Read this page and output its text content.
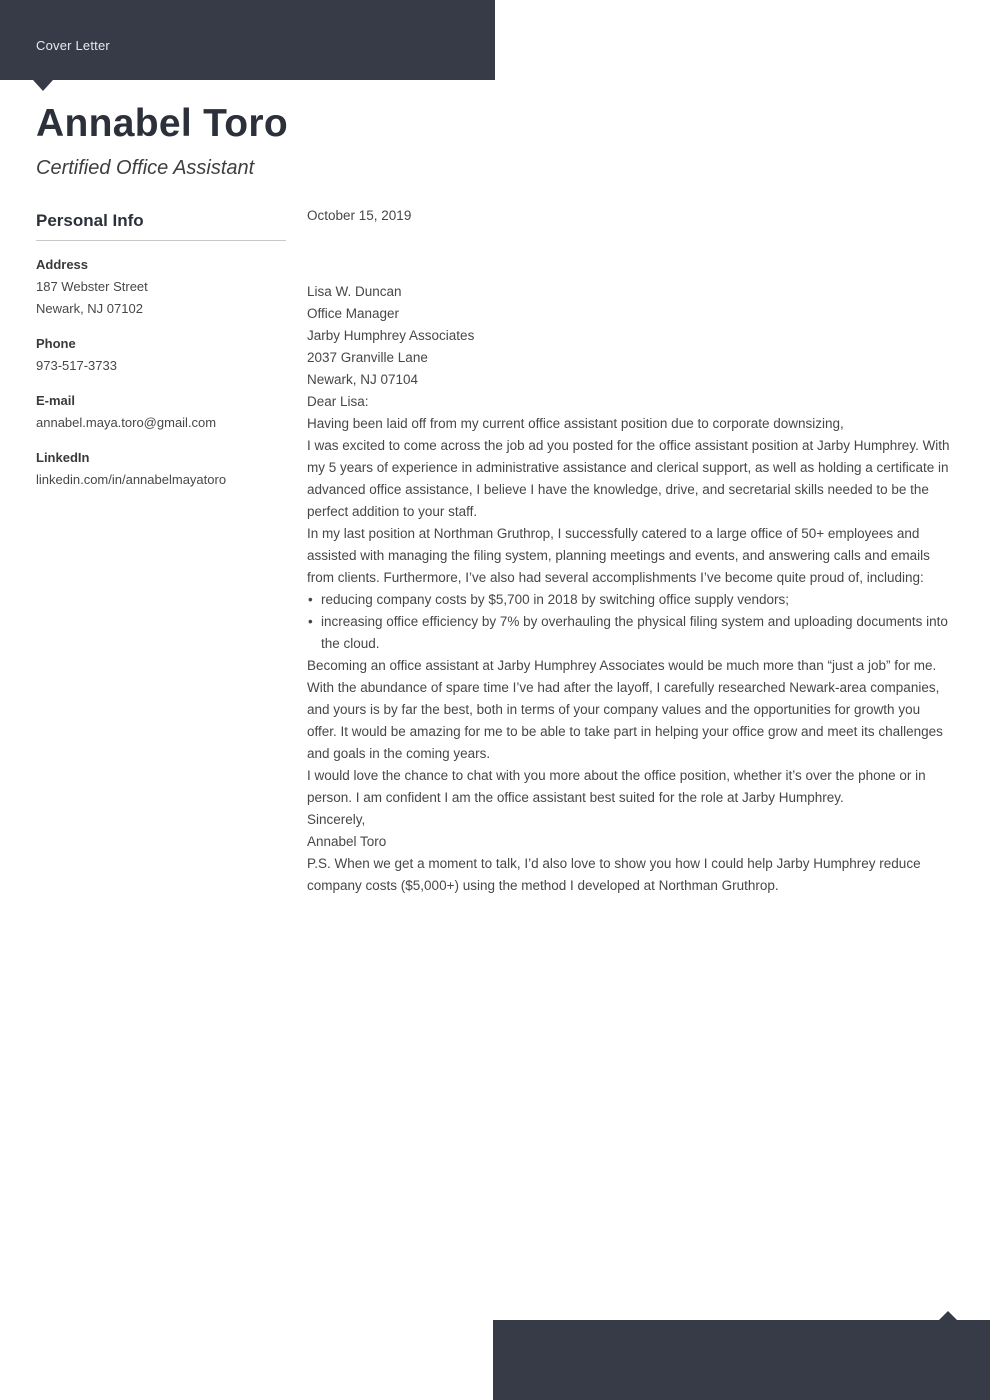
Cover Letter
Annabel Toro
Certified Office Assistant
Personal Info
Address
187 Webster Street
Newark, NJ 07102
Phone
973-517-3733
E-mail
annabel.maya.toro@gmail.com
LinkedIn
linkedin.com/in/annabelmayatoro

October 15, 2019

Lisa W. Duncan
Office Manager
Jarby Humphrey Associates
2037 Granville Lane
Newark, NJ 07104

Dear Lisa:

Having been laid off from my current office assistant position due to corporate downsizing,
I was excited to come across the job ad you posted for the office assistant position at Jarby Humphrey. With my 5 years of experience in administrative assistance and clerical support, as well as holding a certificate in advanced office assistance, I believe I have the knowledge, drive, and secretarial skills needed to be the perfect addition to your staff.

In my last position at Northman Gruthrop, I successfully catered to a large office of 50+ employees and assisted with managing the filing system, planning meetings and events, and answering calls and emails from clients. Furthermore, I’ve also had several accomplishments I’ve become quite proud of, including:

• reducing company costs by $5,700 in 2018 by switching office supply vendors;
• increasing office efficiency by 7% by overhauling the physical filing system and uploading documents into the cloud.

Becoming an office assistant at Jarby Humphrey Associates would be much more than “just a job” for me. With the abundance of spare time I’ve had after the layoff, I carefully researched Newark-area companies, and yours is by far the best, both in terms of your company values and the opportunities for growth you offer. It would be amazing for me to be able to take part in helping your office grow and meet its challenges and goals in the coming years.

I would love the chance to chat with you more about the office position, whether it’s over the phone or in person. I am confident I am the office assistant best suited for the role at Jarby Humphrey.

Sincerely,

Annabel Toro

P.S. When we get a moment to talk, I’d also love to show you how I could help Jarby Humphrey reduce company costs ($5,000+) using the method I developed at Northman Gruthrop.
